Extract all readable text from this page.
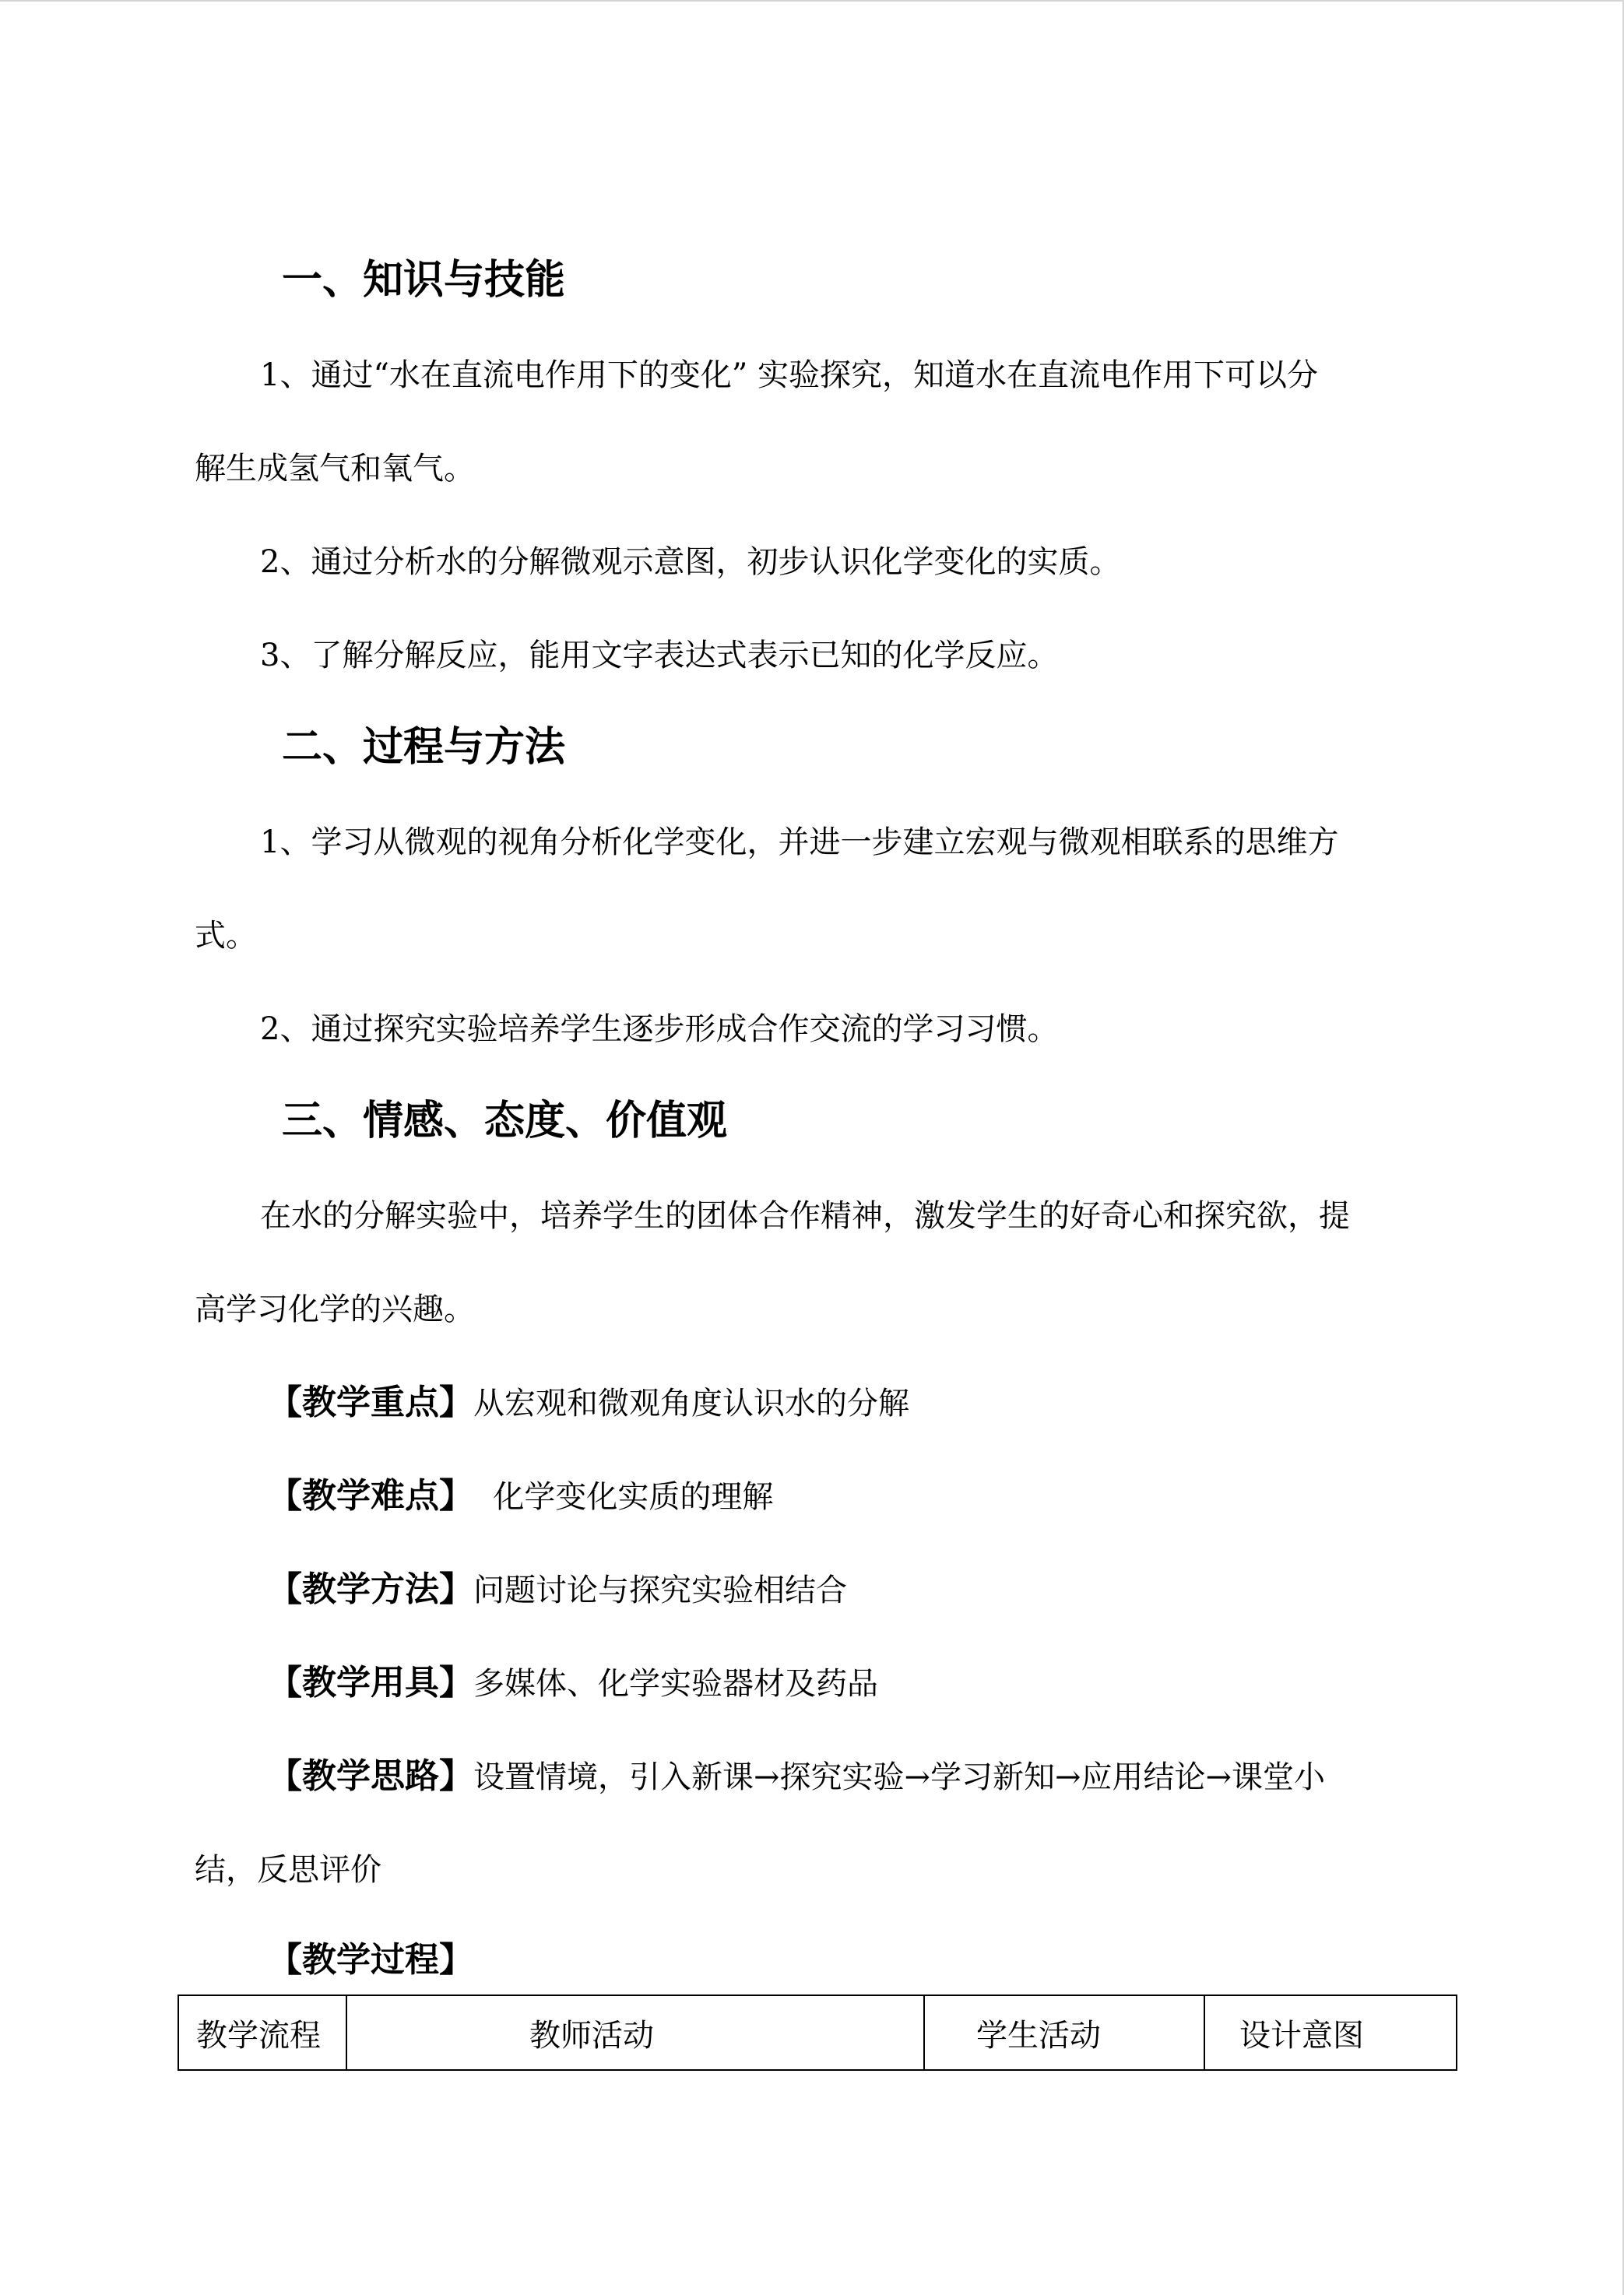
一、知识与技能
1、通过“水在直流电作用下的变化” 实验探究，知道水在直流电作用下可以分
解生成氢气和氧气。
2、通过分析水的分解微观示意图，初步认识化学变化的实质。
3、了解分解反应，能用文字表达式表示已知的化学反应。
二、过程与方法
1、学习从微观的视角分析化学变化，并进一步建立宏观与微观相联系的思维方
式。
2、通过探究实验培养学生逐步形成合作交流的学习习惯。
三、情感、态度、价值观
在水的分解实验中，培养学生的团体合作精神，激发学生的好奇心和探究欲，提
高学习化学的兴趣。
【教学重点】从宏观和微观角度认识水的分解
【教学难点】  化学变化实质的理解
【教学方法】问题讨论与探究实验相结合
【教学用具】多媒体、化学实验器材及药品
【教学思路】设置情境，引入新课→探究实验→学习新知→应用结论→课堂小
结，反思评价
【教学过程】
教学流程	教师活动	学生活动	设计意图
